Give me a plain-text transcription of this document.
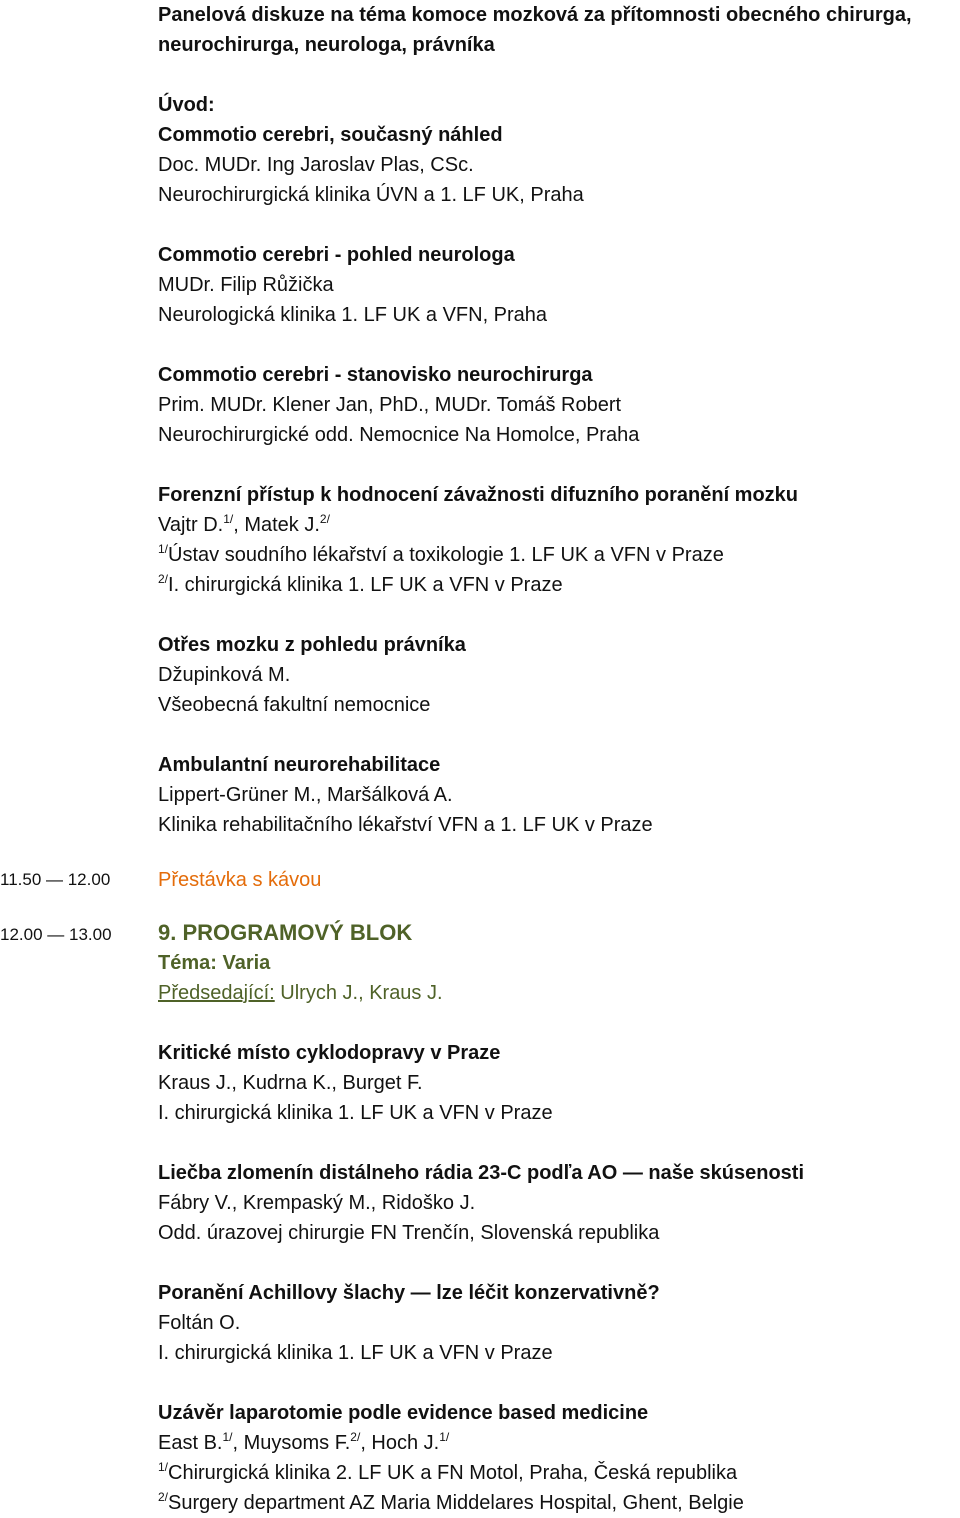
Panelová diskuze na téma komoce mozková za přítomnosti obecného chirurga,
neurochirurga, neurologa, právníka
Úvod:
Commotio cerebri, současný náhled
Doc. MUDr. Ing Jaroslav Plas, CSc.
Neurochirurgická klinika ÚVN a 1. LF UK, Praha
Commotio cerebri - pohled neurologa
MUDr. Filip Růžička
Neurologická klinika 1. LF UK a VFN, Praha
Commotio cerebri - stanovisko neurochirurga
Prim. MUDr. Klener Jan, PhD., MUDr. Tomáš Robert
Neurochirurgické odd. Nemocnice Na Homolce, Praha
Forenzní přístup k hodnocení závažnosti difuzního poranění mozku
Vajtr D.$^{1/}$, Matek J.$^{2/}$
$^{1/}$Ústav soudního lékařství a toxikologie 1. LF UK a VFN v Praze
$^{2/}$I. chirurgická klinika 1. LF UK a VFN v Praze
Otřes mozku z pohledu právníka
Džupinková M.
Všeobecná fakultní nemocnice
Ambulantní neurorehabilitace
Lippert-Grüner M., Maršálková A.
Klinika rehabilitačního lékařství VFN a 1. LF UK v Praze
11.50 — 12.00 Přestávka s kávou
12.00 — 13.00 9. PROGRAMOVÝ BLOK
Téma: Varia
Předsedající: Ulrych J., Kraus J.
Kritické místo cyklodopravy v Praze
Kraus J., Kudrna K., Burget F.
I. chirurgická klinika 1. LF UK a VFN v Praze
Liečba zlomenín distálneho rádia 23-C podľa AO — naše skúsenosti
Fábry V., Krempaský M., Ridoško J.
Odd. úrazovej chirurgie FN Trenčín, Slovenská republika
Poranění Achillovy šlachy — lze léčit konzervativně?
Foltán O.
I. chirurgická klinika 1. LF UK a VFN v Praze
Uzávěr laparotomie podle evidence based medicine
East B.$^{1/}$, Muysoms F.$^{2/}$, Hoch J.$^{1/}$
$^{1/}$Chirurgická klinika 2. LF UK a FN Motol, Praha, Česká republika
$^{2/}$Surgery department AZ Maria Middelares Hospital, Ghent, Belgie
